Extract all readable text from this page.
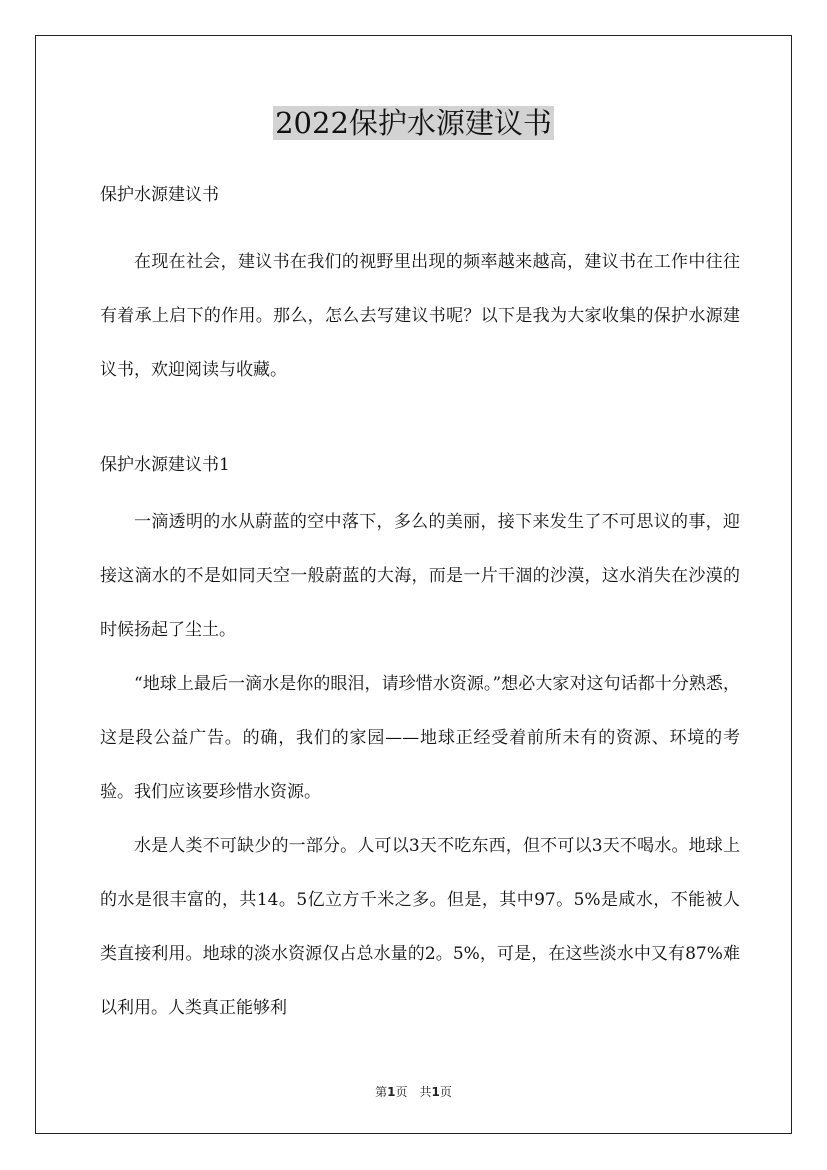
2022保护水源建议书

保护水源建议书

在现在社会，建议书在我们的视野里出现的频率越来越高，建议书在工作中往往有着承上启下的作用。那么，怎么去写建议书呢？以下是我为大家收集的保护水源建议书，欢迎阅读与收藏。

保护水源建议书1

一滴透明的水从蔚蓝的空中落下，多么的美丽，接下来发生了不可思议的事，迎接这滴水的不是如同天空一般蔚蓝的大海，而是一片干涸的沙漠，这水消失在沙漠的时候扬起了尘土。

“地球上最后一滴水是你的眼泪，请珍惜水资源。”想必大家对这句话都十分熟悉，这是段公益广告。的确，我们的家园——地球正经受着前所未有的资源、环境的考验。我们应该要珍惜水资源。

水是人类不可缺少的一部分。人可以3天不吃东西，但不可以3天不喝水。地球上的水是很丰富的，共14。5亿立方千米之多。但是，其中97。5%是咸水，不能被人类直接利用。地球的淡水资源仅占总水量的2。5%，可是，在这些淡水中又有87%难以利用。人类真正能够利

第1页　共1页
